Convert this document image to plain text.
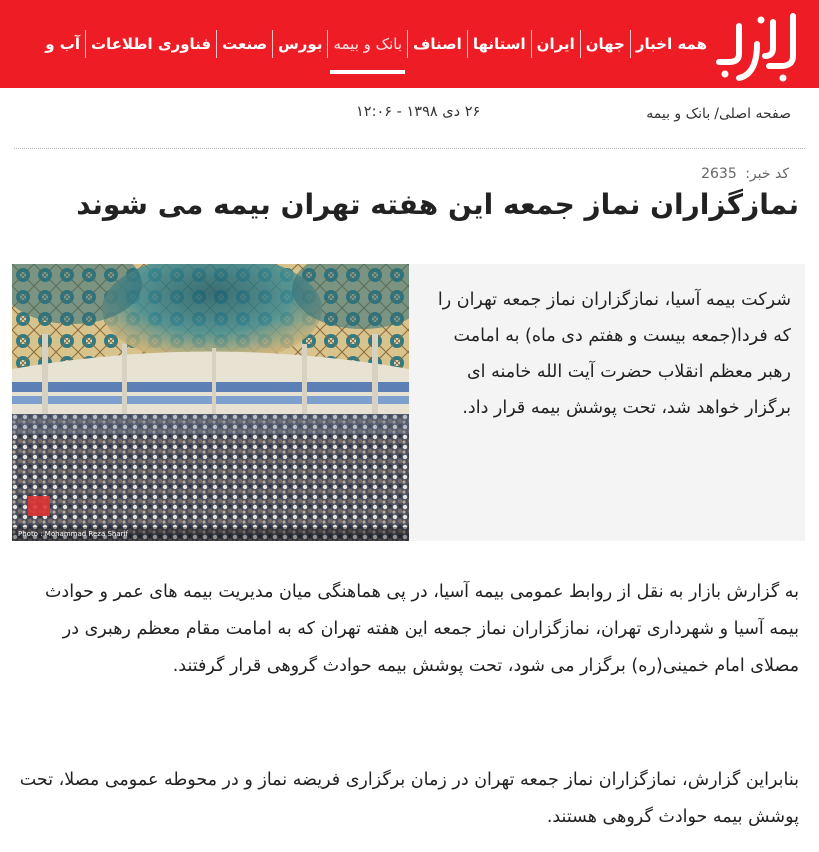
همه اخبار
جهان
ایران
استانها
اصناف
بانک و بیمه
بورس
صنعت
فناوری اطلاعات
آب و
صفحه اصلی/
بانک و بیمه
۲۶ دی ۱۳۹۸ - ۱۲:۰۶
کد خبر: 2635
نمازگزاران نماز جمعه این هفته تهران بیمه می شوند
Photo : Mohammad Reza Sharif

شرکت بیمه آسیا، نمازگزاران نماز جمعه تهران را که فردا(جمعه بیست و هفتم دی ماه) به امامت رهبر معظم انقلاب حضرت آیت الله خامنه ای برگزار خواهد شد، تحت پوشش بیمه قرار داد.

به گزارش بازار به نقل از روابط عمومی بیمه آسیا، در پی هماهنگی میان مدیریت بیمه های عمر و حوادث بیمه آسیا و شهرداری تهران، نمازگزاران نماز جمعه این هفته تهران که به امامت مقام معظم رهبری در مصلای امام خمینی(ره) برگزار می شود، تحت پوشش بیمه حوادث گروهی قرار گرفتند.

بنابراین گزارش، نمازگزاران نماز جمعه تهران در زمان برگزاری فریضه نماز و در محوطه عمومی مصلا، تحت پوشش بیمه حوادث گروهی هستند.
